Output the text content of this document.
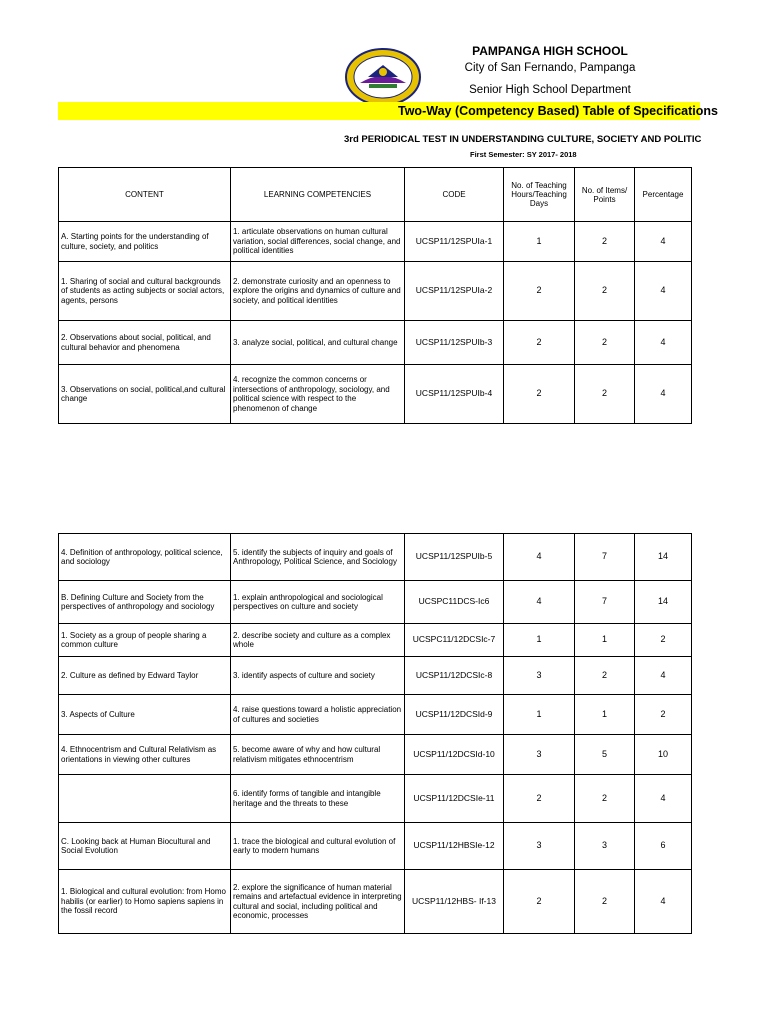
PAMPANGA HIGH SCHOOL
City of San Fernando, Pampanga
Senior High School Department
Two-Way (Competency Based) Table of Specifications
3rd PERIODICAL TEST IN UNDERSTANDING CULTURE, SOCIETY AND POLITIC
First Semester: SY 2017- 2018
CONTENT	LEARNING COMPETENCIES	CODE	No. of Teaching Hours/Teaching Days	No. of Items/ Points	Percentage
A. Starting points for the understanding of culture, society, and politics	1. articulate observations on human cultural variation, social differences, social change, and political identities	UCSP11/12SPUIa-1	1	2	4
1. Sharing of social and cultural backgrounds of students as acting subjects or social actors, agents, persons	2. demonstrate curiosity and an openness to explore the origins and dynamics of culture and society, and political identities	UCSP11/12SPUIa-2	2	2	4
2. Observations about social, political, and cultural behavior and phenomena	3. analyze social, political, and cultural change	UCSP11/12SPUIb-3	2	2	4
3. Observations on social, political,and cultural change	4. recognize the common concerns or intersections of anthropology, sociology, and political science with respect to the phenomenon of change	UCSP11/12SPUIb-4	2	2	4
4. Definition of anthropology, political science, and sociology	5. identify the subjects of inquiry and goals of Anthropology, Political Science, and Sociology	UCSP11/12SPUIb-5	4	7	14
B. Defining Culture and Society from the perspectives of anthropology and sociology	1. explain anthropological and sociological perspectives on culture and society	UCSPC11DCS-Ic6	4	7	14
1. Society as a group of people sharing a common culture	2. describe society and culture as a complex whole	UCSPC11/12DCSIc-7	1	1	2
2. Culture as defined by Edward Taylor	3. identify aspects of culture and society	UCSP11/12DCSIc-8	3	2	4
3. Aspects of Culture	4. raise questions toward a holistic appreciation of cultures and societies	UCSP11/12DCSId-9	1	1	2
4. Ethnocentrism and Cultural Relativism as orientations in viewing other cultures	5. become aware of why and how cultural relativism mitigates ethnocentrism	UCSP11/12DCSId-10	3	5	10
	6. identify forms of tangible and intangible heritage and the threats to these	UCSP11/12DCSIe-11	2	2	4
C. Looking back at Human Biocultural and Social Evolution	1. trace the biological and cultural evolution of early to modern humans	UCSP11/12HBSIe-12	3	3	6
1. Biological and cultural evolution: from Homo habilis (or earlier) to Homo sapiens sapiens in the fossil record	2. explore the significance of human material remains and artefactual evidence in interpreting cultural and social, including political and economic, processes	UCSP11/12HBS- If-13	2	2	4
